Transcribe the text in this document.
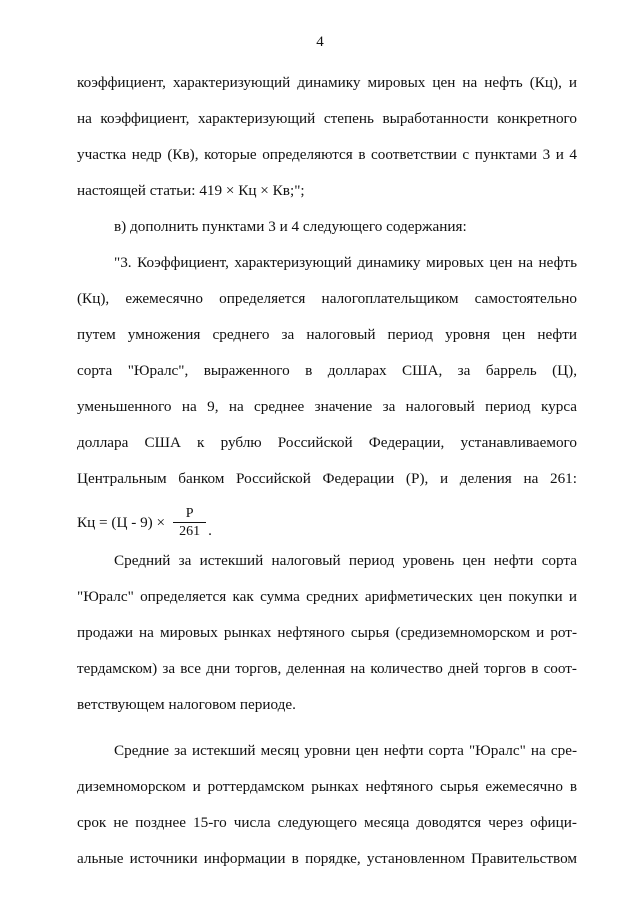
4
коэффициент, характеризующий динамику мировых цен на нефть (Кц), и
на коэффициент, характеризующий степень выработанности конкретного
участка недр (Кв), которые определяются в соответствии с пунктами 3 и 4
настоящей статьи: 419 × Кц × Кв;";
в) дополнить пунктами 3 и 4 следующего содержания:
"3. Коэффициент, характеризующий динамику мировых цен на нефть
(Кц), ежемесячно определяется налогоплательщиком самостоятельно
путем умножения среднего за налоговый период уровня цен нефти
сорта "Юралс", выраженного в долларах США, за баррель (Ц),
уменьшенного на 9, на среднее значение за налоговый период курса
доллара США к рублю Российской Федерации, устанавливаемого
Центральным банком Российской Федерации (Р), и деления на 261:
Кц = $(Ц - 9) \times \frac{Р}{261}$ .
Средний за истекший налоговый период уровень цен нефти сорта
"Юралс" определяется как сумма средних арифметических цен покупки и
продажи на мировых рынках нефтяного сырья (средиземноморском и рот-
тердамском) за все дни торгов, деленная на количество дней торгов в соот-
ветствующем налоговом периоде.
Средние за истекший месяц уровни цен нефти сорта "Юралс" на сре-
диземноморском и роттердамском рынках нефтяного сырья ежемесячно в
срок не позднее 15-го числа следующего месяца доводятся через офици-
альные источники информации в порядке, установленном Правительством
